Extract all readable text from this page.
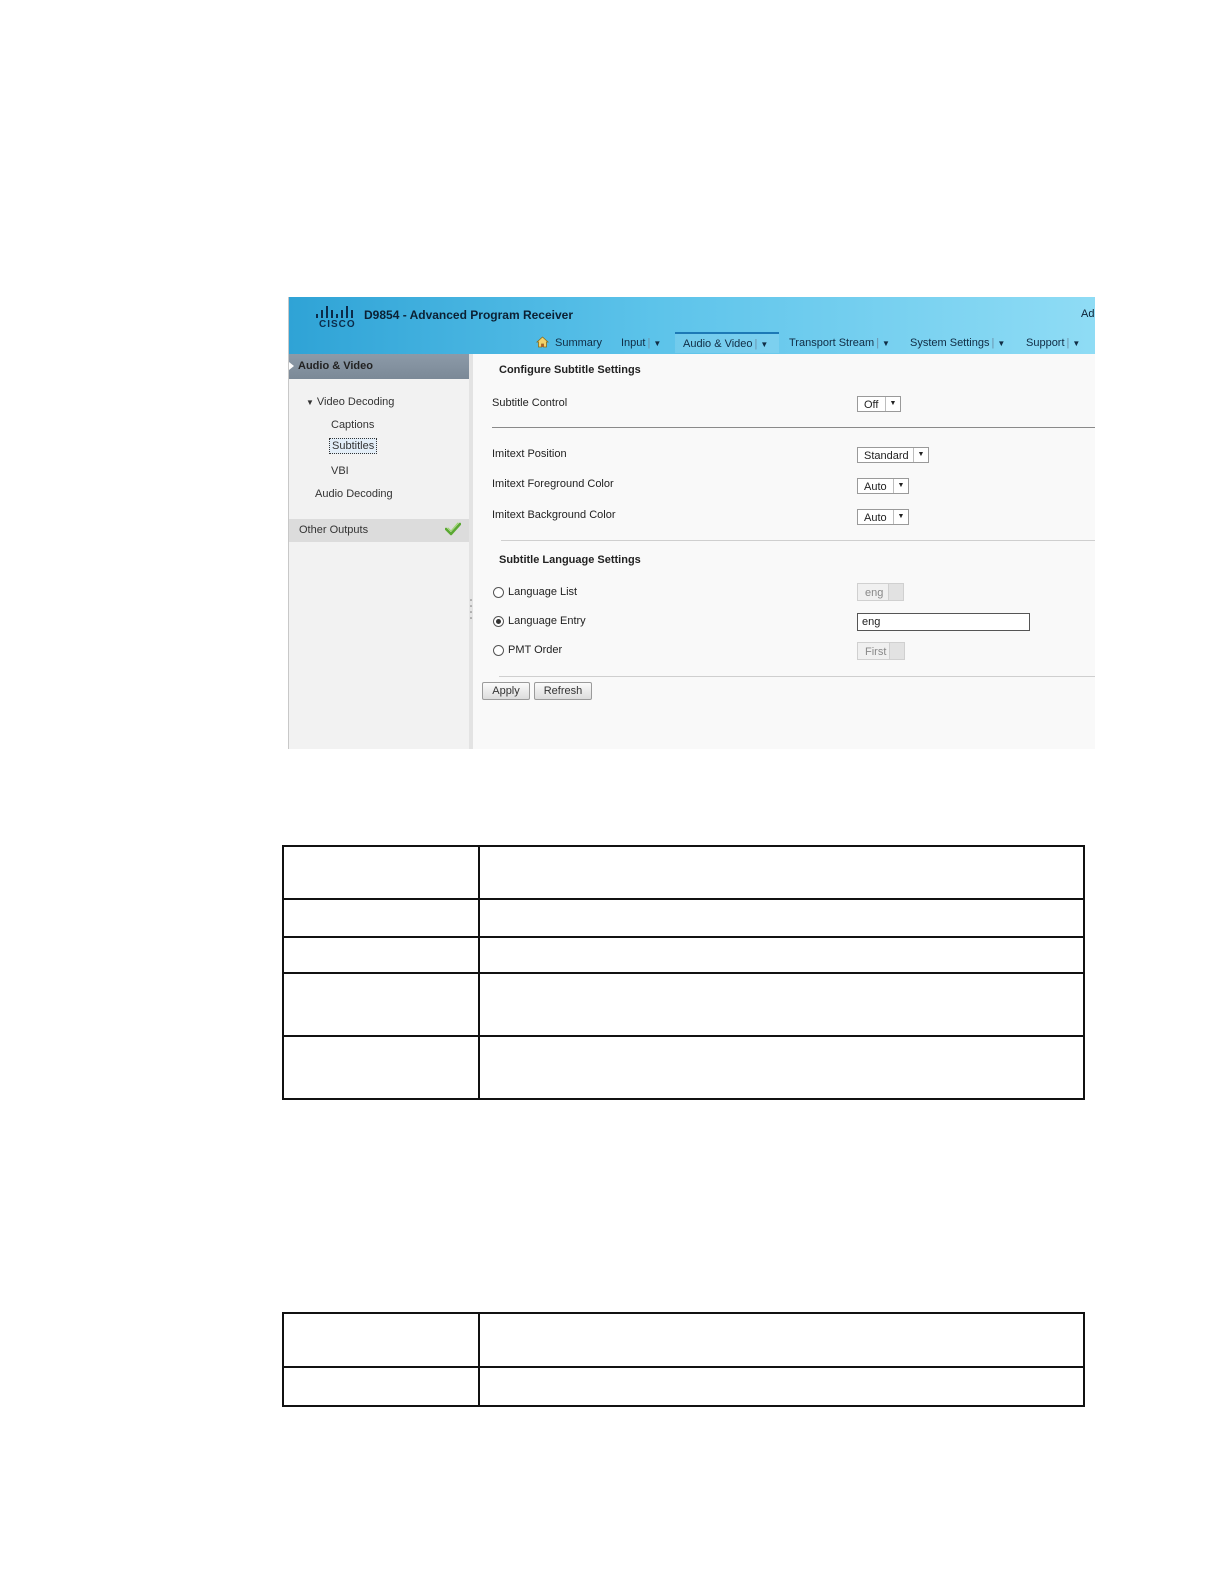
CISCO
D9854 - Advanced Program Receiver	Ad
Summary Input | ▼	Audio & Video | ▼	Transport Stream | ▼ System Settings | ▼ Support | ▼
Audio & Video
▼ Video Decoding
Captions
Subtitles
VBI
Audio Decoding
Other Outputs
Configure Subtitle Settings
Subtitle Control	Off	▼
Imitext Position	Standard	▼
Imitext Foreground Color	Auto	▼
Imitext Background Color	Auto	▼
Subtitle Language Settings
Language List	eng
Language Entry	eng
PMT Order	First
Apply	Refresh
